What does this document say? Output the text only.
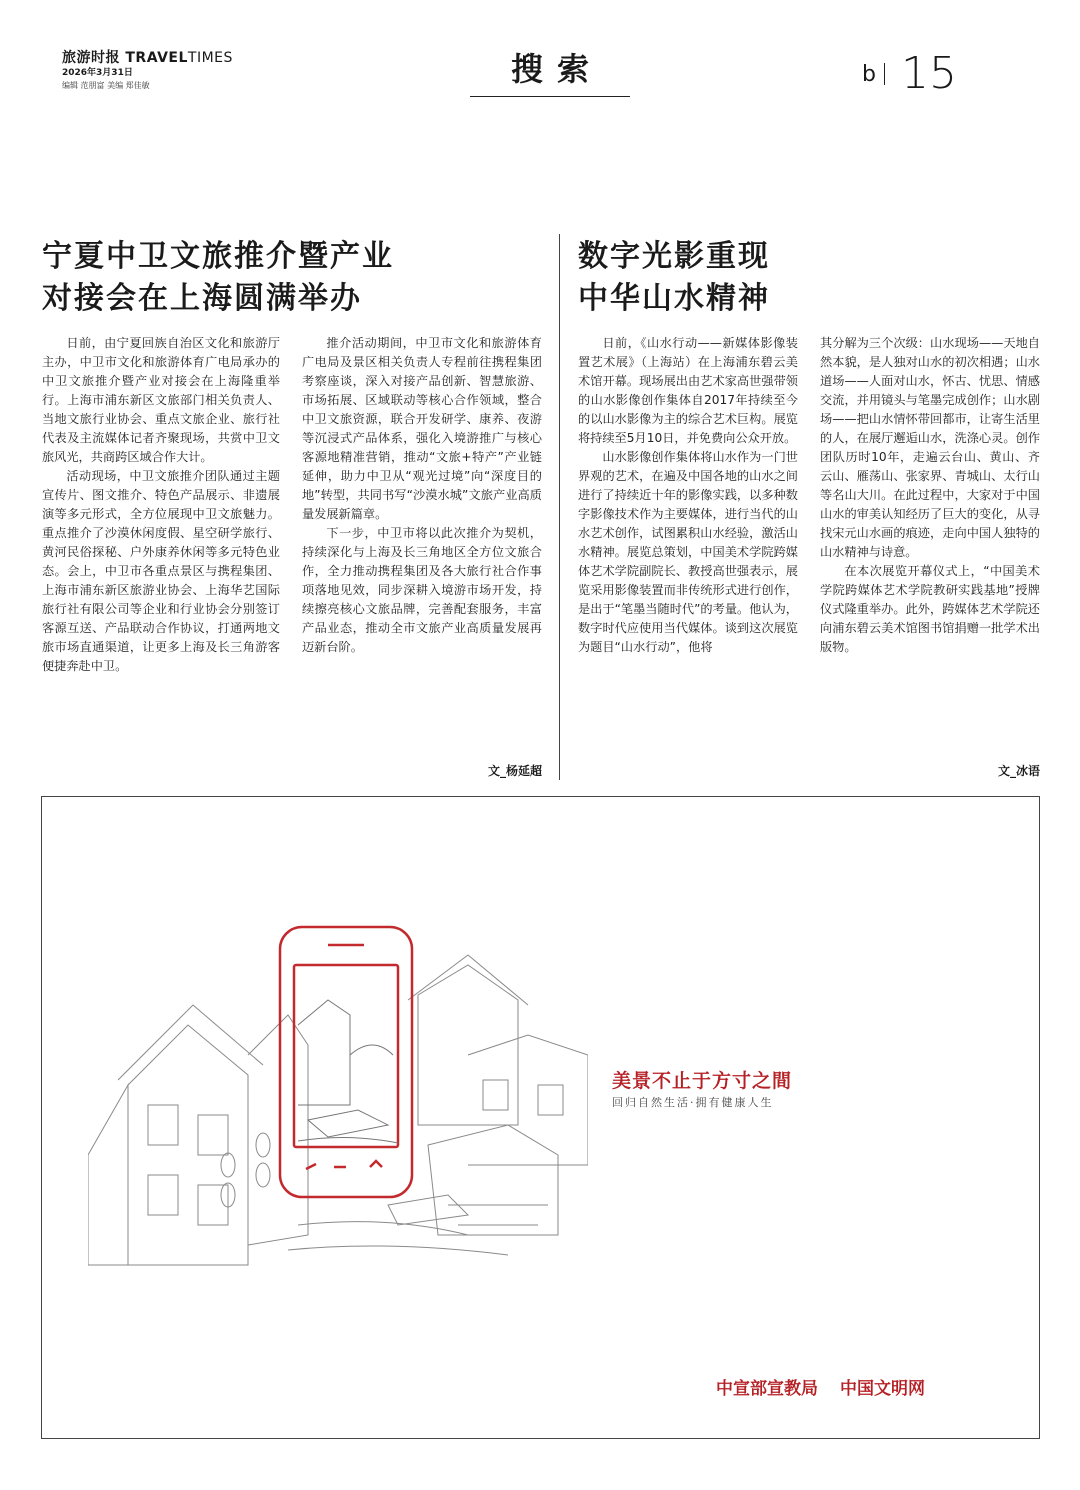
旅游时报 TRAVELTIMES
2026年3月31日
编辑 范朋富 美编 郑佳敏	搜索	b 15
宁夏中卫文旅推介暨产业
对接会在上海圆满举办

日前，由宁夏回族自治区文化和旅游厅主办，中卫市文化和旅游体育广电局承办的中卫文旅推介暨产业对接会在上海隆重举行。上海市浦东新区文旅部门相关负责人、当地文旅行业协会、重点文旅企业、旅行社代表及主流媒体记者齐聚现场，共赏中卫文旅风光，共商跨区域合作大计。

活动现场，中卫文旅推介团队通过主题宣传片、图文推介、特色产品展示、非遗展演等多元形式，全方位展现中卫文旅魅力。重点推介了沙漠休闲度假、星空研学旅行、黄河民俗探秘、户外康养休闲等多元特色业态。会上，中卫市各重点景区与携程集团、上海市浦东新区旅游业协会、上海华艺国际旅行社有限公司等企业和行业协会分别签订客源互送、产品联动合作协议，打通两地文旅市场直通渠道，让更多上海及长三角游客便捷奔赴中卫。

推介活动期间，中卫市文化和旅游体育广电局及景区相关负责人专程前往携程集团考察座谈，深入对接产品创新、智慧旅游、市场拓展、区域联动等核心合作领域，整合中卫文旅资源，联合开发研学、康养、夜游等沉浸式产品体系，强化入境游推广与核心客源地精准营销，推动“文旅+特产”产业链延伸，助力中卫从“观光过境”向“深度目的地”转型，共同书写“沙漠水城”文旅产业高质量发展新篇章。

下一步，中卫市将以此次推介为契机，持续深化与上海及长三角地区全方位文旅合作，全力推动携程集团及各大旅行社合作事项落地见效，同步深耕入境游市场开发，持续擦亮核心文旅品牌，完善配套服务，丰富产品业态，推动全市文旅产业高质量发展再迈新台阶。

文_杨延超
数字光影重现
中华山水精神

日前，《山水行动——新媒体影像装置艺术展》（上海站）在上海浦东碧云美术馆开幕。现场展出由艺术家高世强带领的山水影像创作集体自2017年持续至今的以山水影像为主的综合艺术巨构。展览将持续至5月10日，并免费向公众开放。

山水影像创作集体将山水作为一门世界观的艺术，在遍及中国各地的山水之间进行了持续近十年的影像实践，以多种数字影像技术作为主要媒体，进行当代的山水艺术创作，试图累积山水经验，激活山水精神。展览总策划，中国美术学院跨媒体艺术学院副院长、教授高世强表示，展览采用影像装置而非传统形式进行创作，是出于“笔墨当随时代”的考量。他认为，数字时代应使用当代媒体。谈到这次展览为题目“山水行动”，他将

其分解为三个次级：山水现场——天地自然本貌，是人独对山水的初次相遇；山水道场——人面对山水，怀古、忧思、情感交流，并用镜头与笔墨完成创作；山水剧场——把山水情怀带回都市，让寄生活里的人，在展厅邂逅山水，洗涤心灵。创作团队历时10年，走遍云台山、黄山、齐云山、雁荡山、张家界、青城山、太行山等名山大川。在此过程中，大家对于中国山水的审美认知经历了巨大的变化，从寻找宋元山水画的痕迹，走向中国人独特的山水精神与诗意。

在本次展览开幕仪式上，“中国美术学院跨媒体艺术学院教研实践基地”授牌仪式隆重举办。此外，跨媒体艺术学院还向浦东碧云美术馆图书馆捐赠一批学术出版物。

文_冰语
美景不止于方寸之間
回归自然生活·拥有健康人生
中宣部宣教局 中国文明网
